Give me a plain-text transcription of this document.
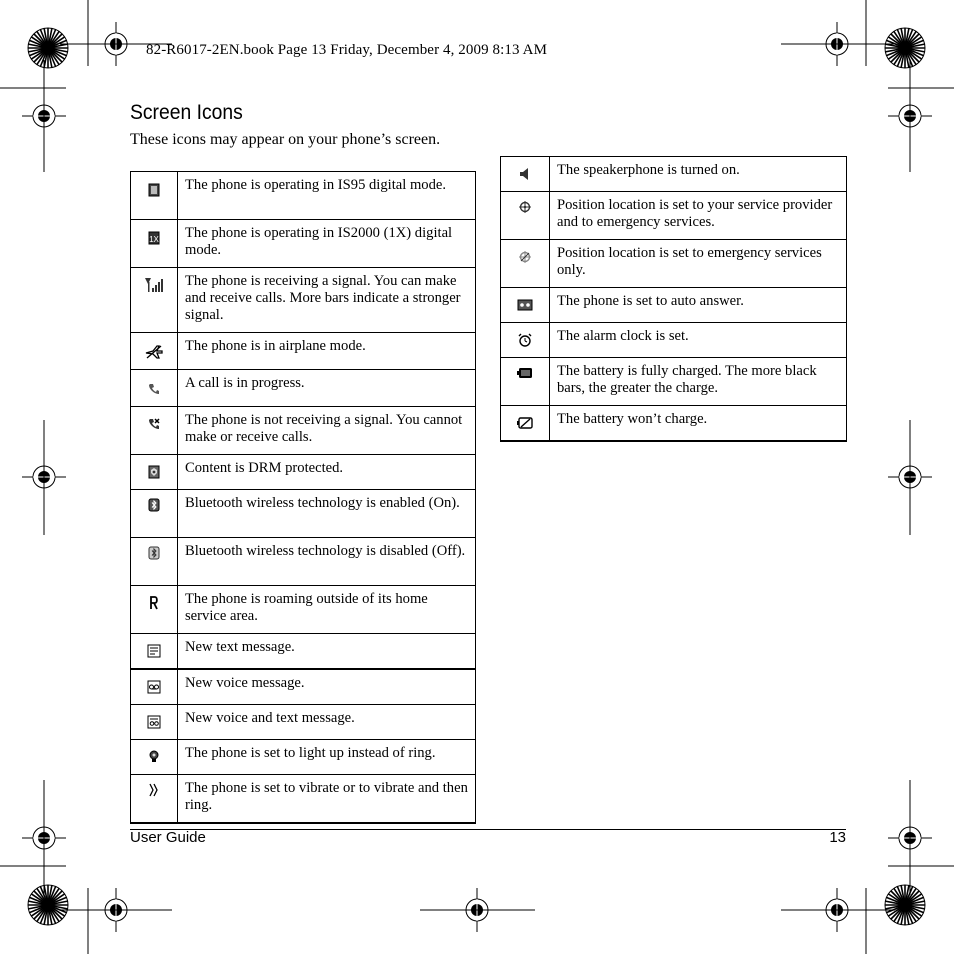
82-R6017-2EN.book Page 13 Friday, December 4, 2009 8:13 AM
Screen Icons
These icons may appear on your phone’s screen.
	The phone is operating in IS95 digital mode.

1X	The phone is operating in IS2000 (1X) digital mode.

	The phone is receiving a signal. You can make and receive calls. More bars indicate a stronger signal.

	The phone is in airplane mode.

	A call is in progress.

	The phone is not receiving a signal. You cannot make or receive calls.

	Content is DRM protected.

	Bluetooth wireless technology is enabled (On).

	Bluetooth wireless technology is disabled (Off).

	The phone is roaming outside of its home service area.

	New text message.

	New voice message.

	New voice and text message.

	The phone is set to light up instead of ring.

	The phone is set to vibrate or to vibrate and then ring.
	The speakerphone is turned on.

	Position location is set to your service provider and to emergency services.

	Position location is set to emergency services only.

	The phone is set to auto answer.

	The alarm clock is set.

	The battery is fully charged. The more black bars, the greater the charge.

	The battery won’t charge.
User Guide	13
